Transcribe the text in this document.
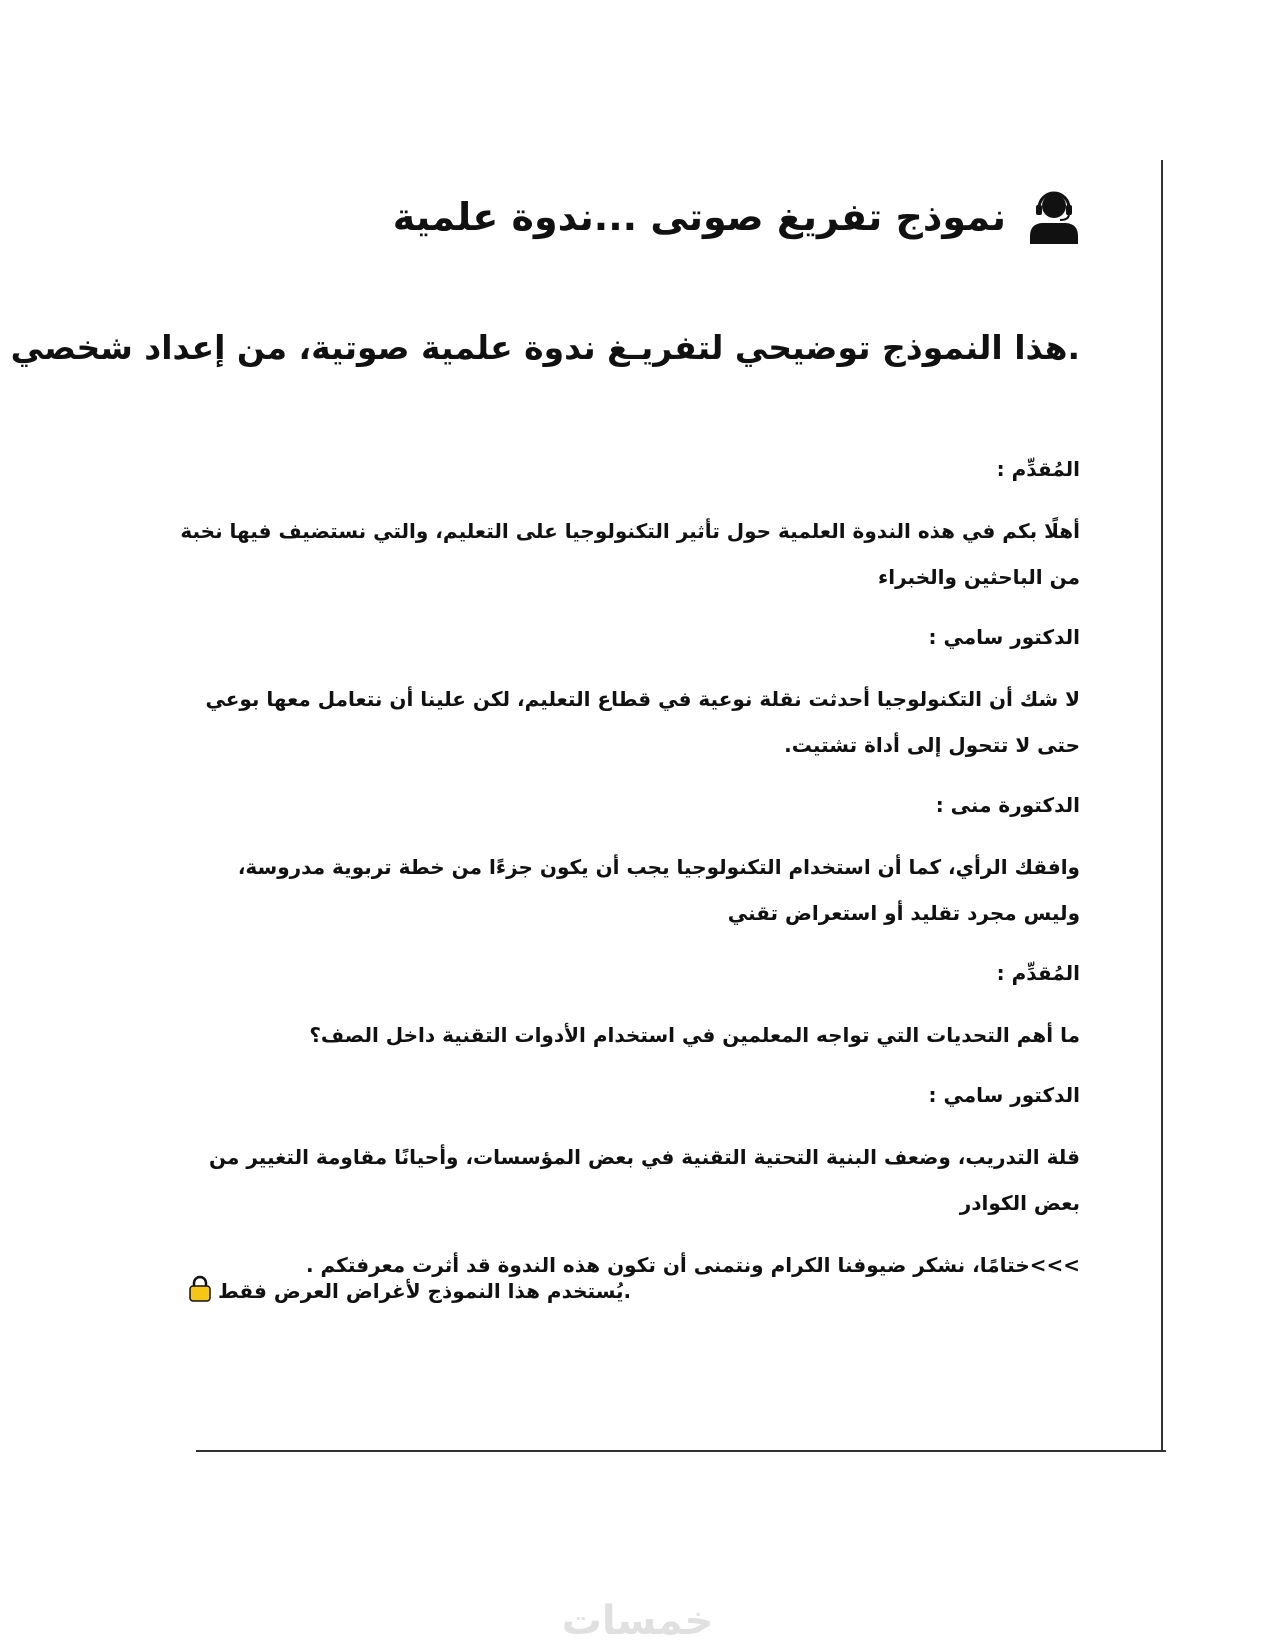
نموذج تفريغ صوتى ...ندوة علمية
.هذا النموذج توضيحي لتفريـغ ندوة علمية صوتية، من إعداد شخصي
المُقدِّم :
أهلًا بكم في هذه الندوة العلمية حول تأثير التكنولوجيا على التعليم، والتي نستضيف فيها نخبة من الباحثين والخبراء
الدكتور سامي :
لا شك أن التكنولوجيا أحدثت نقلة نوعية في قطاع التعليم، لكن علينا أن نتعامل معها بوعي حتى لا تتحول إلى أداة تشتيت.
الدكتورة منى :
وافقك الرأي، كما أن استخدام التكنولوجيا يجب أن يكون جزءًا من خطة تربوية مدروسة، وليس مجرد تقليد أو استعراض تقني
المُقدِّم :
ما أهم التحديات التي تواجه المعلمين في استخدام الأدوات التقنية داخل الصف؟
الدكتور سامي :
قلة التدريب، وضعف البنية التحتية التقنية في بعض المؤسسات، وأحيانًا مقاومة التغيير من بعض الكوادر
>>>ختامًا، نشكر ضيوفنا الكرام ونتمنى أن تكون هذه الندوة قد أثرت معرفتكم .
.يُستخدم هذا النموذج لأغراض العرض فقط
خمسات
